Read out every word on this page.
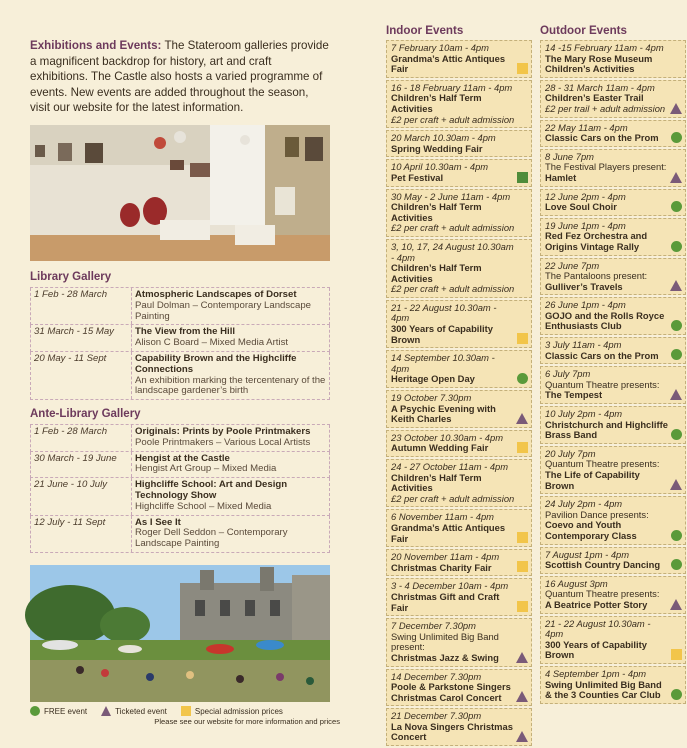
Exhibitions and Events: The Stateroom galleries provide a magnificent backdrop for history, art and craft exhibitions. The Castle also hosts a varied programme of events. New events are added throughout the season, visit our website for the latest information.

Library Gallery
1 Feb - 28 March	Atmospheric Landscapes of Dorset
Paul Dolman – Contemporary Landscape Painting
31 March - 15 May	The View from the Hill
Alison C Board – Mixed Media Artist
20 May - 11 Sept	Capability Brown and the Highcliffe Connections
An exhibition marking the tercentenary of the landscape gardener’s birth
Ante-Library Gallery
1 Feb - 28 March	Originals: Prints by Poole Printmakers
Poole Printmakers – Various Local Artists
30 March - 19 June	Hengist at the Castle
Hengist Art Group – Mixed Media
21 June - 10 July	Highcliffe School: Art and Design Technology Show
Highcliffe School – Mixed Media
12 July - 11 Sept	As I See It
Roger Dell Seddon – Contemporary Landscape Painting
FREE event	Ticketed event	Special admission prices
Please see our website for more information and prices
Indoor Events
7 February 10am - 4pm
Grandma’s Attic Antiques Fair
16 - 18 February 11am - 4pm
Children’s Half Term Activities
£2 per craft + adult admission
20 March 10.30am - 4pm
Spring Wedding Fair
10 April 10.30am - 4pm
Pet Festival
30 May - 2 June 11am - 4pm
Children’s Half Term Activities
£2 per craft + adult admission
3, 10, 17, 24 August 10.30am - 4pm
Children’s Half Term Activities
£2 per craft + adult admission
21 - 22 August 10.30am - 4pm
300 Years of Capability Brown
14 September 10.30am - 4pm
Heritage Open Day
19 October 7.30pm
A Psychic Evening with Keith Charles
23 October 10.30am - 4pm
Autumn Wedding Fair
24 - 27 October 11am - 4pm
Children’s Half Term Activities
£2 per craft + adult admission
6 November 11am - 4pm
Grandma’s Attic Antiques Fair
20 November 11am - 4pm
Christmas Charity Fair
3 - 4 December 10am - 4pm
Christmas Gift and Craft Fair
7 December 7.30pm
Swing Unlimited Big Band present:
Christmas Jazz & Swing
14 December 7.30pm
Poole & Parkstone Singers Christmas Carol Concert
21 December 7.30pm
La Nova Singers Christmas Concert
Outdoor Events
14 -15 February 11am - 4pm
The Mary Rose Museum Children’s Activities
28 - 31 March 11am - 4pm
Children’s Easter Trail
£2 per trail + adult admission
22 May 11am - 4pm
Classic Cars on the Prom
8 June 7pm
The Festival Players present:
Hamlet
12 June 2pm - 4pm
Love Soul Choir
19 June 1pm - 4pm
Red Fez Orchestra and Origins Vintage Rally
22 June 7pm
The Pantaloons present:
Gulliver’s Travels
26 June 1pm - 4pm
GOJO and the Rolls Royce Enthusiasts Club
3 July 11am - 4pm
Classic Cars on the Prom
6 July 7pm
Quantum Theatre presents:
The Tempest
10 July 2pm - 4pm
Christchurch and Highcliffe Brass Band
20 July 7pm
Quantum Theatre presents:
The Life of Capability Brown
24 July 2pm - 4pm
Pavilion Dance presents:
Coevo and Youth Contemporary Class
7 August 1pm - 4pm
Scottish Country Dancing
16 August 3pm
Quantum Theatre presents:
A Beatrice Potter Story
21 - 22 August 10.30am - 4pm
300 Years of Capability Brown
4 September 1pm - 4pm
Swing Unlimited Big Band & the 3 Counties Car Club
